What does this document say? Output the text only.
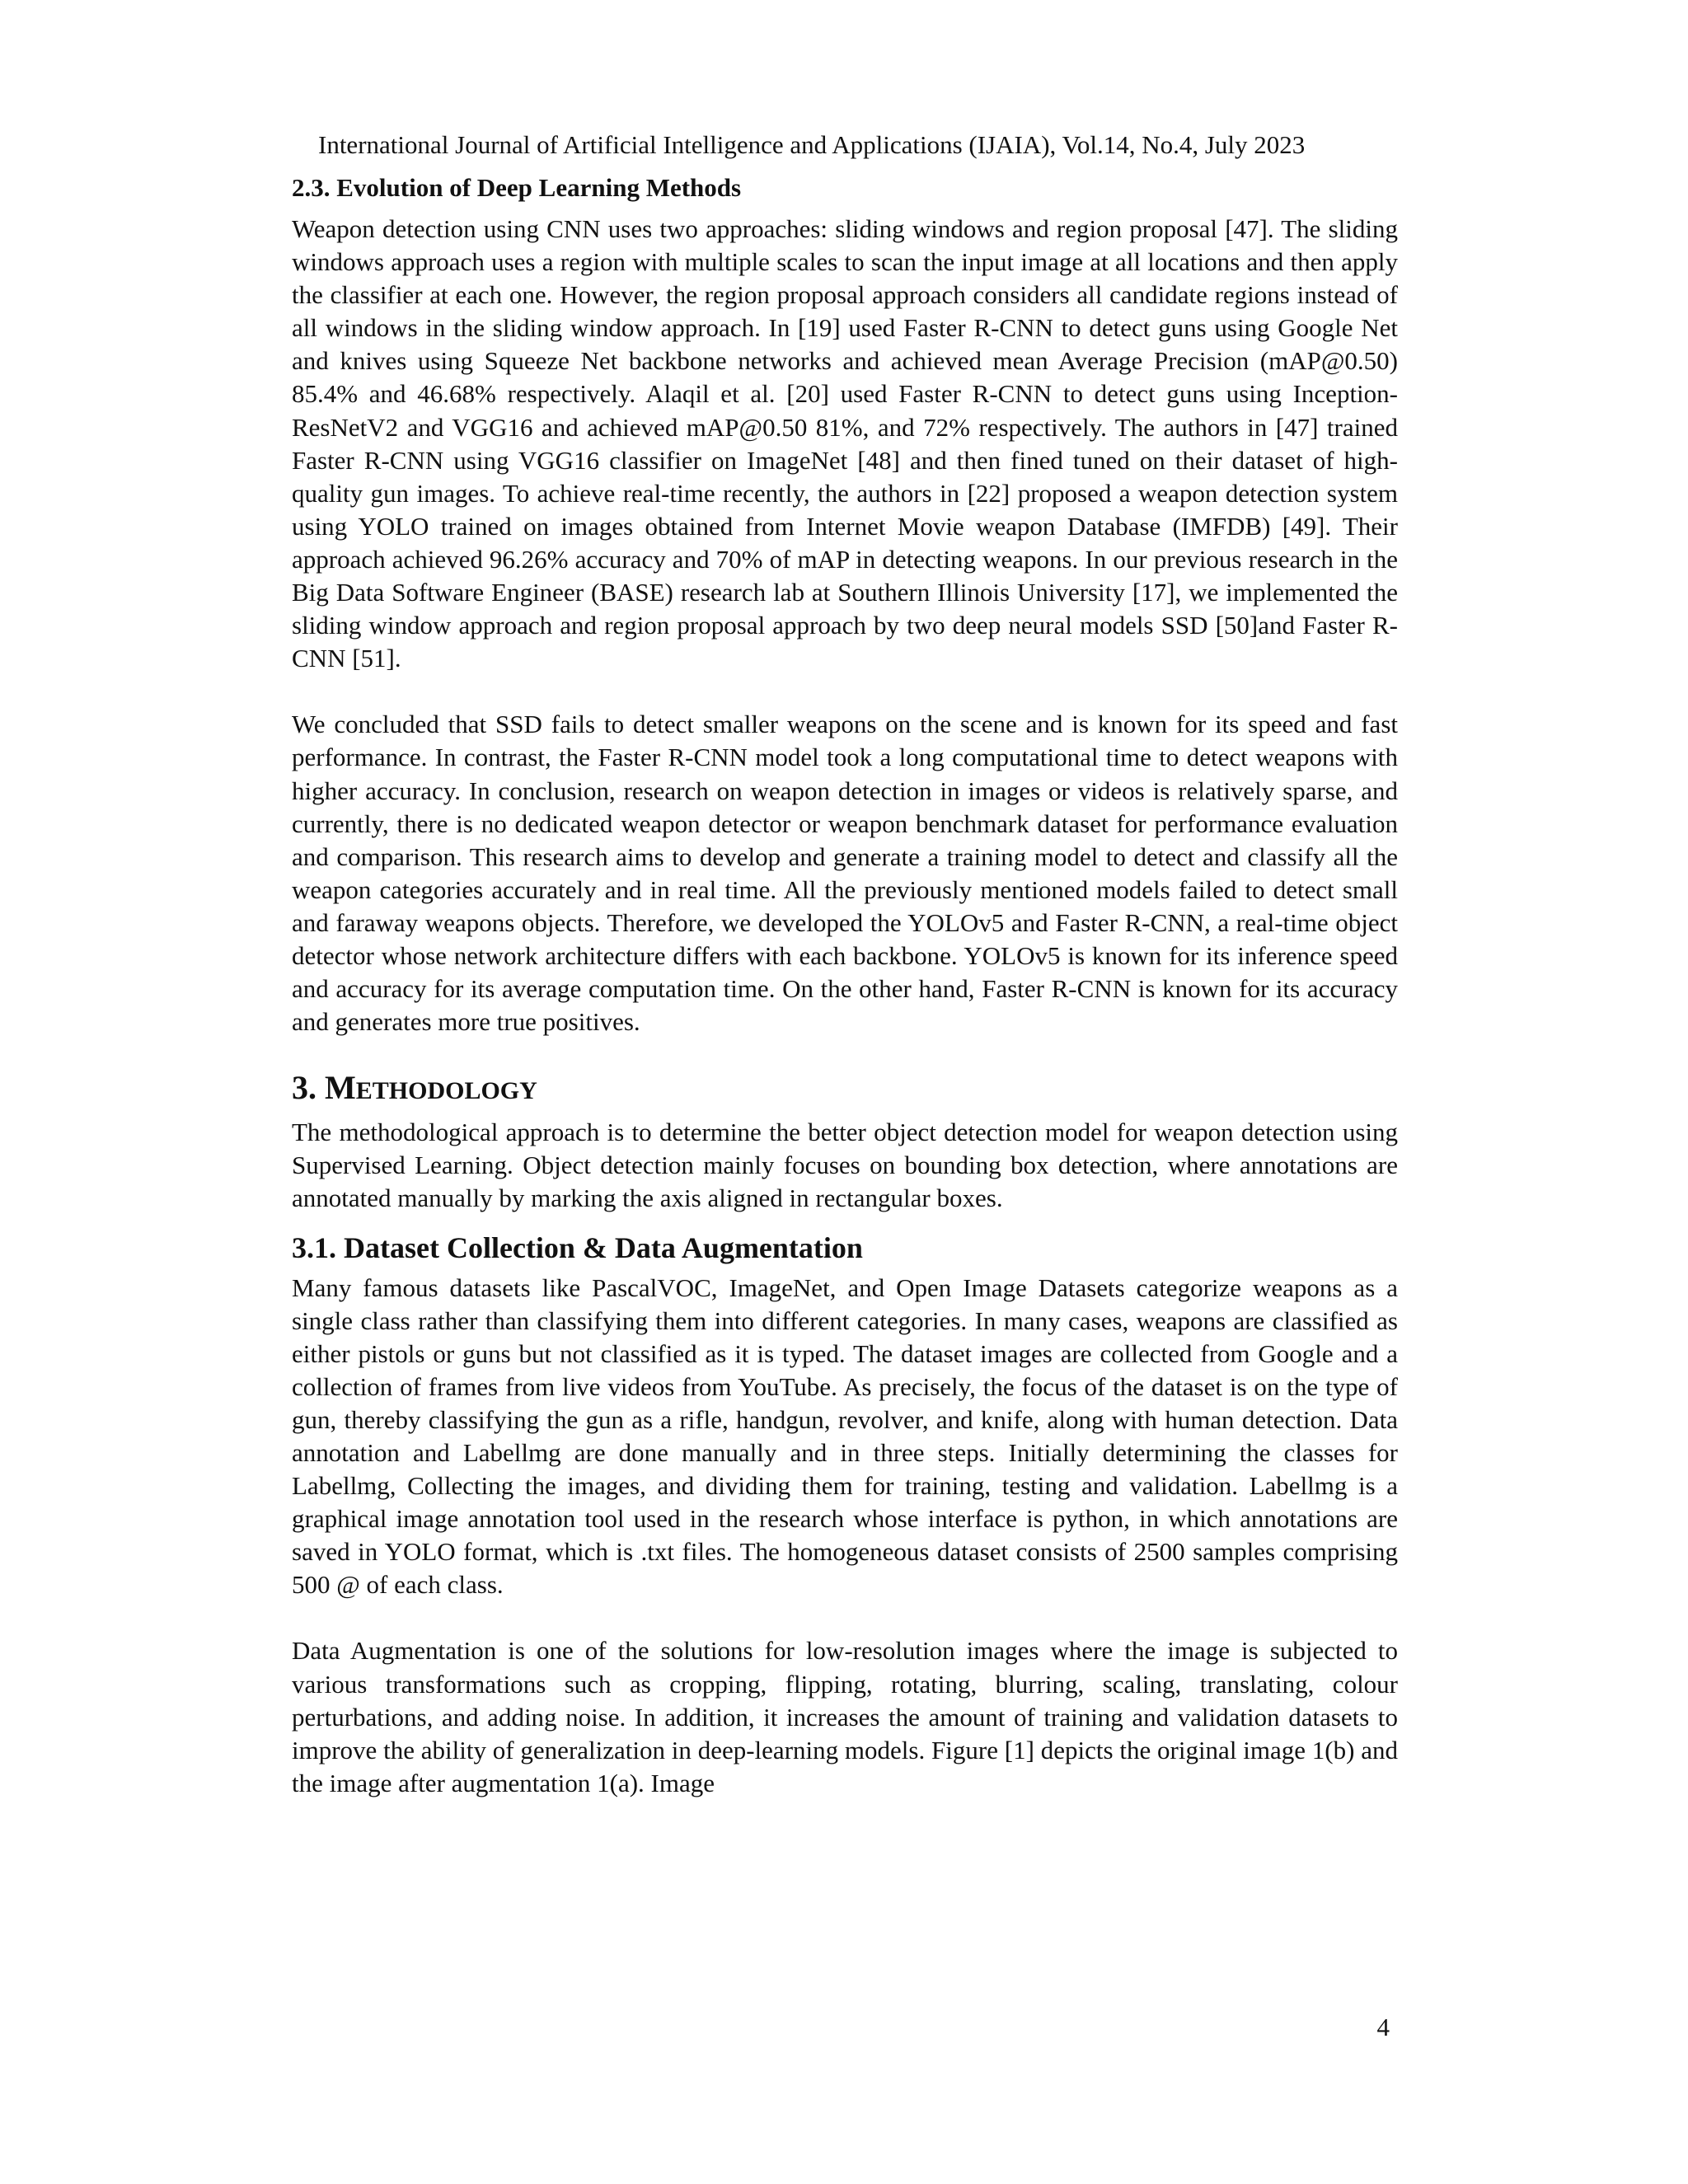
International Journal of Artificial Intelligence and Applications (IJAIA), Vol.14, No.4, July 2023
2.3. Evolution of Deep Learning Methods

Weapon detection using CNN uses two approaches: sliding windows and region proposal [47]. The sliding windows approach uses a region with multiple scales to scan the input image at all locations and then apply the classifier at each one. However, the region proposal approach considers all candidate regions instead of all windows in the sliding window approach. In [19] used Faster R-CNN to detect guns using Google Net and knives using Squeeze Net backbone networks and achieved mean Average Precision (mAP@0.50) 85.4% and 46.68% respectively. Alaqil et al. [20] used Faster R-CNN to detect guns using Inception-ResNetV2 and VGG16 and achieved mAP@0.50 81%, and 72% respectively. The authors in [47] trained Faster R-CNN using VGG16 classifier on ImageNet [48] and then fined tuned on their dataset of high-quality gun images. To achieve real-time recently, the authors in [22] proposed a weapon detection system using YOLO trained on images obtained from Internet Movie weapon Database (IMFDB) [49]. Their approach achieved 96.26% accuracy and 70% of mAP in detecting weapons. In our previous research in the Big Data Software Engineer (BASE) research lab at Southern Illinois University [17], we implemented the sliding window approach and region proposal approach by two deep neural models SSD [50]and Faster R-CNN [51].

We concluded that SSD fails to detect smaller weapons on the scene and is known for its speed and fast performance. In contrast, the Faster R-CNN model took a long computational time to detect weapons with higher accuracy. In conclusion, research on weapon detection in images or videos is relatively sparse, and currently, there is no dedicated weapon detector or weapon benchmark dataset for performance evaluation and comparison. This research aims to develop and generate a training model to detect and classify all the weapon categories accurately and in real time. All the previously mentioned models failed to detect small and faraway weapons objects. Therefore, we developed the YOLOv5 and Faster R-CNN, a real-time object detector whose network architecture differs with each backbone. YOLOv5 is known for its inference speed and accuracy for its average computation time. On the other hand, Faster R-CNN is known for its accuracy and generates more true positives.

3. METHODOLOGY

The methodological approach is to determine the better object detection model for weapon detection using Supervised Learning. Object detection mainly focuses on bounding box detection, where annotations are annotated manually by marking the axis aligned in rectangular boxes.

3.1. Dataset Collection & Data Augmentation

Many famous datasets like PascalVOC, ImageNet, and Open Image Datasets categorize weapons as a single class rather than classifying them into different categories. In many cases, weapons are classified as either pistols or guns but not classified as it is typed. The dataset images are collected from Google and a collection of frames from live videos from YouTube. As precisely, the focus of the dataset is on the type of gun, thereby classifying the gun as a rifle, handgun, revolver, and knife, along with human detection. Data annotation and Labellmg are done manually and in three steps. Initially determining the classes for Labellmg, Collecting the images, and dividing them for training, testing and validation. Labellmg is a graphical image annotation tool used in the research whose interface is python, in which annotations are saved in YOLO format, which is .txt files. The homogeneous dataset consists of 2500 samples comprising 500 @ of each class.

Data Augmentation is one of the solutions for low-resolution images where the image is subjected to various transformations such as cropping, flipping, rotating, blurring, scaling, translating, colour perturbations, and adding noise. In addition, it increases the amount of training and validation datasets to improve the ability of generalization in deep-learning models. Figure [1] depicts the original image 1(b) and the image after augmentation 1(a). Image

4
